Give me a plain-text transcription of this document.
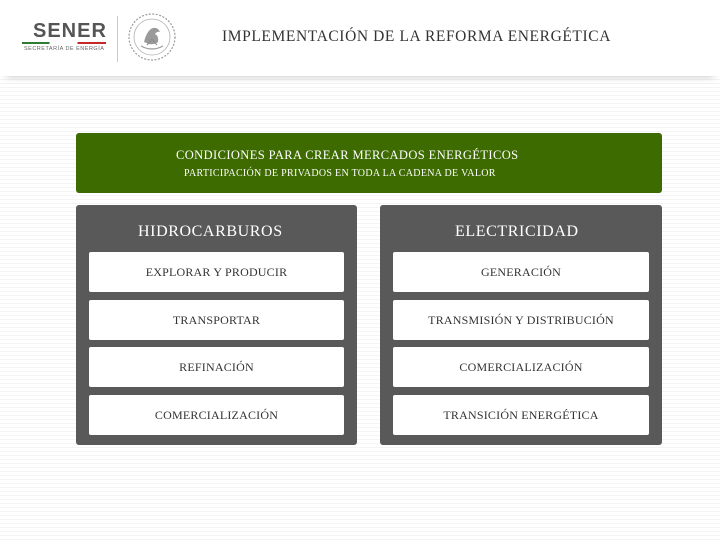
SENER
SECRETARÍA DE ENERGÍA
IMPLEMENTACIÓN DE LA REFORMA ENERGÉTICA
CONDICIONES PARA CREAR MERCADOS ENERGÉTICOS
PARTICIPACIÓN DE PRIVADOS EN TODA LA CADENA DE VALOR
HIDROCARBUROS
EXPLORAR Y PRODUCIR
TRANSPORTAR
REFINACIÓN
COMERCIALIZACIÓN
ELECTRICIDAD
GENERACIÓN
TRANSMISIÓN Y DISTRIBUCIÓN
COMERCIALIZACIÓN
TRANSICIÓN ENERGÉTICA
